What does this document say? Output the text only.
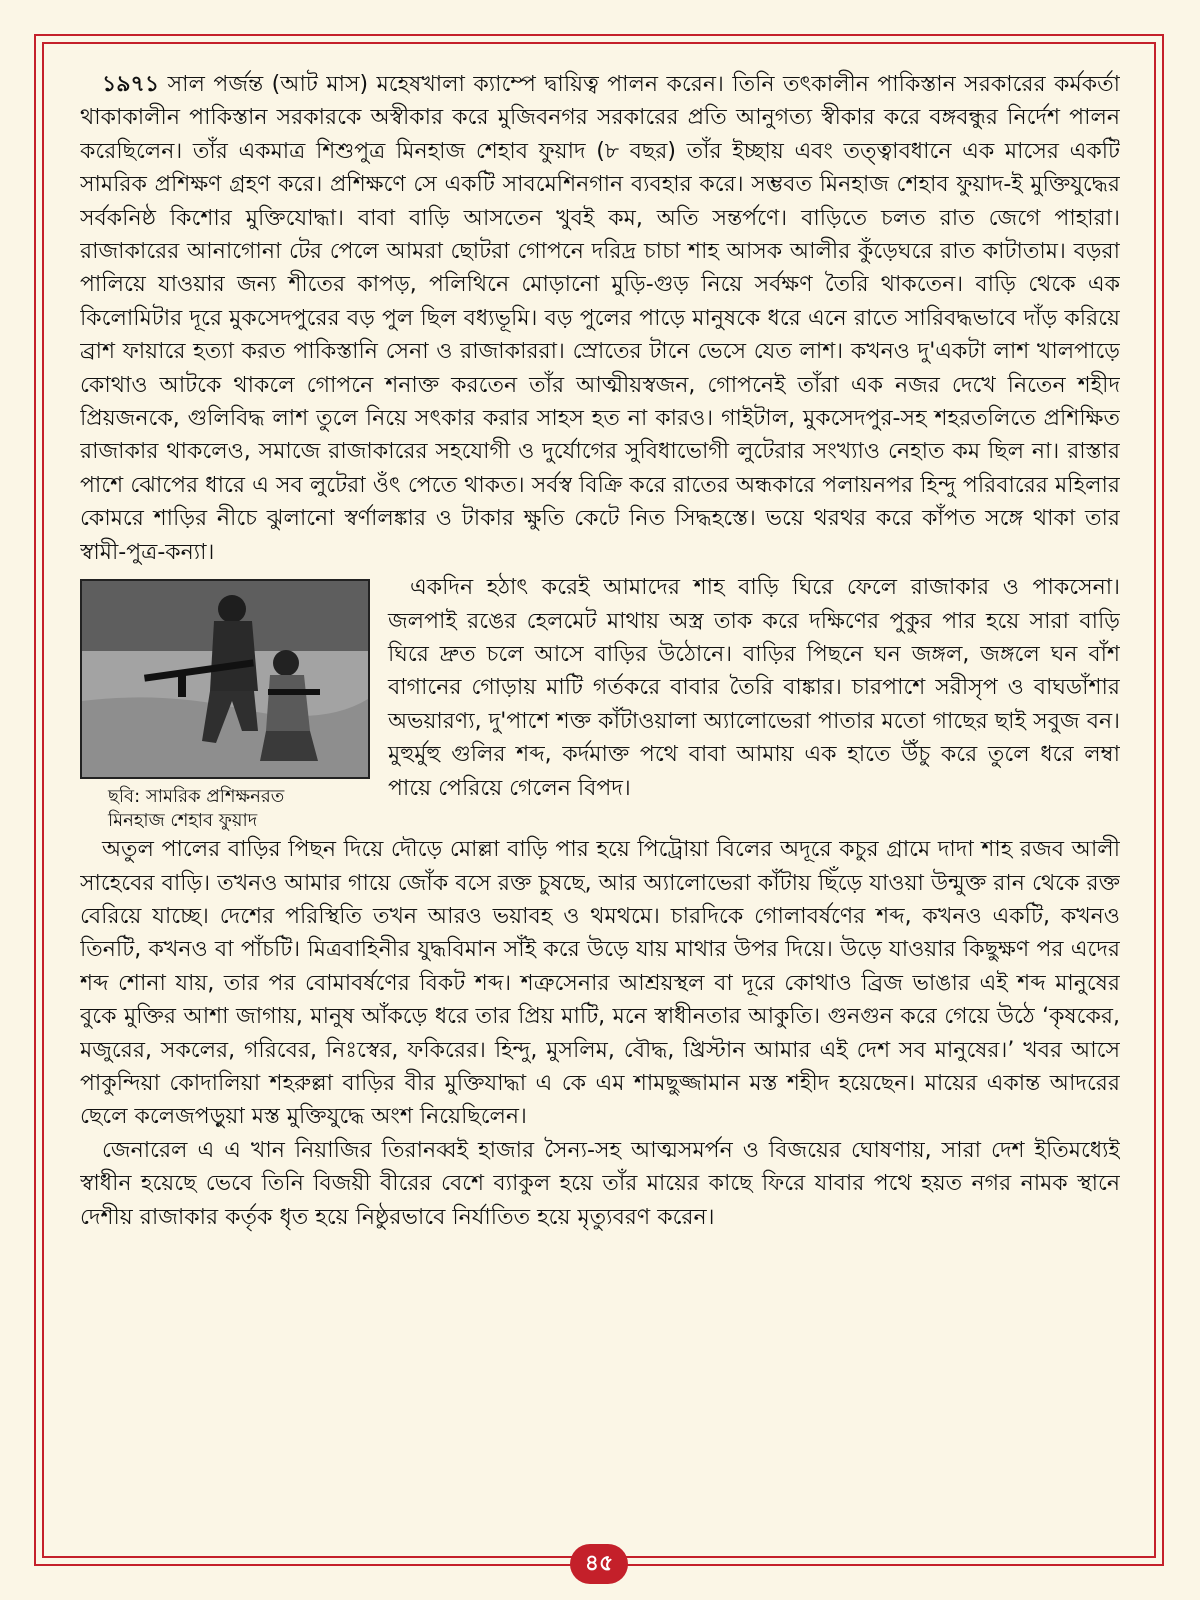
১৯৭১ সাল পর্জন্ত (আট মাস) মহেষখালা ক্যাম্পে দ্বায়িত্ব পালন করেন। তিনি তৎকালীন পাকিস্তান সরকারের কর্মকর্তা থাকাকালীন পাকিস্তান সরকারকে অস্বীকার করে মুজিবনগর সরকারের প্রতি আনুগত্য স্বীকার করে বঙ্গবন্ধুর নির্দেশ পালন করেছিলেন। তাঁর একমাত্র শিশুপুত্র মিনহাজ শেহাব ফুয়াদ (৮ বছর) তাঁর ইচ্ছায় এবং তত্ত্বাবধানে এক মাসের একটি সামরিক প্রশিক্ষণ গ্রহণ করে। প্রশিক্ষণে সে একটি সাবমেশিনগান ব্যবহার করে। সম্ভবত মিনহাজ শেহাব ফুয়াদ-ই মুক্তিযুদ্ধের সর্বকনিষ্ঠ কিশোর মুক্তিযোদ্ধা। বাবা বাড়ি আসতেন খুবই কম, অতি সন্তর্পণে। বাড়িতে চলত রাত জেগে পাহারা। রাজাকারের আনাগোনা টের পেলে আমরা ছোটরা গোপনে দরিদ্র চাচা শাহ আসক আলীর কুঁড়েঘরে রাত কাটাতাম। বড়রা পালিয়ে যাওয়ার জন্য শীতের কাপড়, পলিথিনে মোড়ানো মুড়ি-গুড় নিয়ে সর্বক্ষণ তৈরি থাকতেন। বাড়ি থেকে এক কিলোমিটার দূরে মুকসেদপুরের বড় পুল ছিল বধ্যভূমি। বড় পুলের পাড়ে মানুষকে ধরে এনে রাতে সারিবদ্ধভাবে দাঁড় করিয়ে ব্রাশ ফায়ারে হত্যা করত পাকিস্তানি সেনা ও রাজাকাররা। স্রোতের টানে ভেসে যেত লাশ। কখনও দু'একটা লাশ খালপাড়ে কোথাও আটকে থাকলে গোপনে শনাক্ত করতেন তাঁর আত্মীয়স্বজন, গোপনেই তাঁরা এক নজর দেখে নিতেন শহীদ প্রিয়জনকে, গুলিবিদ্ধ লাশ তুলে নিয়ে সৎকার করার সাহস হত না কারও। গাইটাল, মুকসেদপুর-সহ শহরতলিতে প্রশিক্ষিত রাজাকার থাকলেও, সমাজে রাজাকারের সহযোগী ও দুর্যোগের সুবিধাভোগী লুটেরার সংখ্যাও নেহাত কম ছিল না। রাস্তার পাশে ঝোপের ধারে এ সব লুটেরা ওঁৎ পেতে থাকত। সর্বস্ব বিক্রি করে রাতের অন্ধকারে পলায়নপর হিন্দু পরিবারের মহিলার কোমরে শাড়ির নীচে ঝুলানো স্বর্ণালঙ্কার ও টাকার ক্ষুতি কেটে নিত সিদ্ধহস্তে। ভয়ে থরথর করে কাঁপত সঙ্গে থাকা তার স্বামী-পুত্র-কন্যা।

ছবি: সামরিক প্রশিক্ষনরত
মিনহাজ শেহাব ফুয়াদ

একদিন হঠাৎ করেই আমাদের শাহ বাড়ি ঘিরে ফেলে রাজাকার ও পাকসেনা। জলপাই রঙের হেলমেট মাথায় অস্ত্র তাক করে দক্ষিণের পুকুর পার হয়ে সারা বাড়ি ঘিরে দ্রুত চলে আসে বাড়ির উঠোনে। বাড়ির পিছনে ঘন জঙ্গল, জঙ্গলে ঘন বাঁশ বাগানের গোড়ায় মাটি গর্তকরে বাবার তৈরি বাঙ্কার। চারপাশে সরীসৃপ ও বাঘডাঁশার অভয়ারণ্য, দু'পাশে শক্ত কাঁটাওয়ালা অ্যালোভেরা পাতার মতো গাছের ছাই সবুজ বন। মুহুর্মুহু গুলির শব্দ, কর্দমাক্ত পথে বাবা আমায় এক হাতে উঁচু করে তুলে ধরে লম্বা পায়ে পেরিয়ে গেলেন বিপদ।

অতুল পালের বাড়ির পিছন দিয়ে দৌড়ে মোল্লা বাড়ি পার হয়ে পিট্রোয়া বিলের অদূরে কচুর গ্রামে দাদা শাহ রজব আলী সাহেবের বাড়ি। তখনও আমার গায়ে জোঁক বসে রক্ত চুষছে, আর অ্যালোভেরা কাঁটায় ছিঁড়ে যাওয়া উন্মুক্ত রান থেকে রক্ত বেরিয়ে যাচ্ছে। দেশের পরিস্থিতি তখন আরও ভয়াবহ ও থমথমে। চারদিকে গোলাবর্ষণের শব্দ, কখনও একটি, কখনও তিনটি, কখনও বা পাঁচটি। মিত্রবাহিনীর যুদ্ধবিমান সাঁই করে উড়ে যায় মাথার উপর দিয়ে। উড়ে যাওয়ার কিছুক্ষণ পর এদের শব্দ শোনা যায়, তার পর বোমাবর্ষণের বিকট শব্দ। শত্রুসেনার আশ্রয়স্থল বা দূরে কোথাও ব্রিজ ভাঙার এই শব্দ মানুষের বুকে মুক্তির আশা জাগায়, মানুষ আঁকড়ে ধরে তার প্রিয় মাটি, মনে স্বাধীনতার আকুতি। গুনগুন করে গেয়ে উঠে ‘কৃষকের, মজুরের, সকলের, গরিবের, নিঃস্বের, ফকিরের। হিন্দু, মুসলিম, বৌদ্ধ, খ্রিস্টান আমার এই দেশ সব মানুষের।’ খবর আসে পাকুন্দিয়া কোদালিয়া শহরুল্লা বাড়ির বীর মুক্তিযাদ্ধা এ কে এম শামছুজ্জামান মস্ত শহীদ হয়েছেন। মায়ের একান্ত আদরের ছেলে কলেজপড়ুয়া মস্ত মুক্তিযুদ্ধে অংশ নিয়েছিলেন।

জেনারেল এ এ খান নিয়াজির তিরানব্বই হাজার সৈন্য-সহ আত্মসমর্পন ও বিজয়ের ঘোষণায়, সারা দেশ ইতিমধ্যেই স্বাধীন হয়েছে ভেবে তিনি বিজয়ী বীরের বেশে ব্যাকুল হয়ে তাঁর মায়ের কাছে ফিরে যাবার পথে হয়ত নগর নামক স্থানে দেশীয় রাজাকার কর্তৃক ধৃত হয়ে নিষ্ঠুরভাবে নির্যাতিত হয়ে মৃত্যুবরণ করেন।

৪৫
